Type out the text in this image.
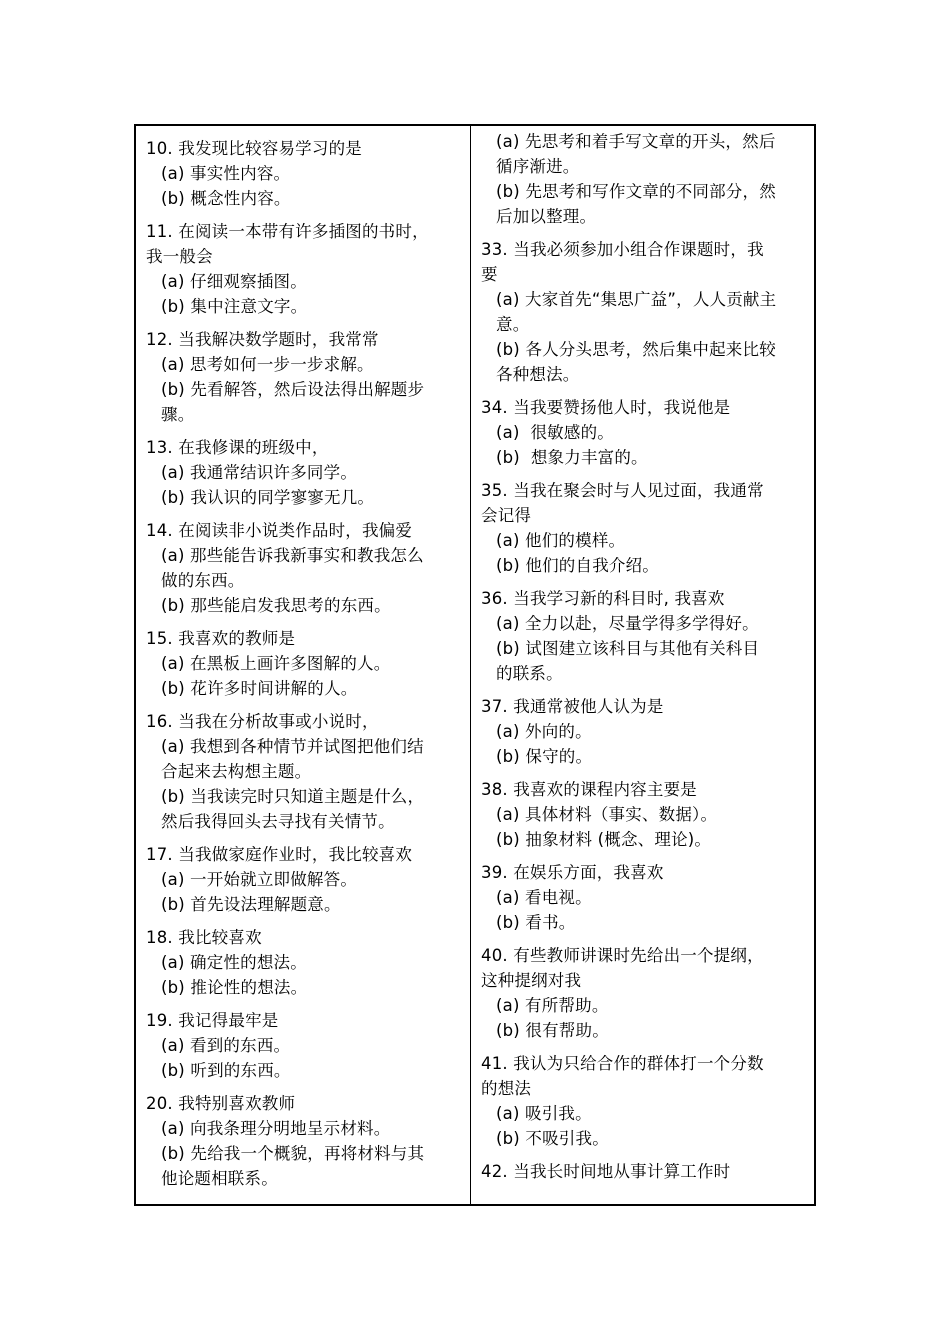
10. 我发现比较容易学习的是
(a) 事实性内容。
(b) 概念性内容。
11. 在阅读一本带有许多插图的书时，
我一般会
(a) 仔细观察插图。
(b) 集中注意文字。
12. 当我解决数学题时，我常常
(a) 思考如何一步一步求解。
(b) 先看解答，然后设法得出解题步
骤。
13. 在我修课的班级中，
(a) 我通常结识许多同学。
(b) 我认识的同学寥寥无几。
14. 在阅读非小说类作品时，我偏爱
(a) 那些能告诉我新事实和教我怎么
做的东西。
(b) 那些能启发我思考的东西。
15. 我喜欢的教师是
(a) 在黑板上画许多图解的人。
(b) 花许多时间讲解的人。
16. 当我在分析故事或小说时，
(a) 我想到各种情节并试图把他们结
合起来去构想主题。
(b) 当我读完时只知道主题是什么，
然后我得回头去寻找有关情节。
17. 当我做家庭作业时，我比较喜欢
(a) 一开始就立即做解答。
(b) 首先设法理解题意。
18. 我比较喜欢
(a) 确定性的想法。
(b) 推论性的想法。
19. 我记得最牢是
(a) 看到的东西。
(b) 听到的东西。
20. 我特别喜欢教师
(a) 向我条理分明地呈示材料。
(b) 先给我一个概貌，再将材料与其
他论题相联系。
(a) 先思考和着手写文章的开头，然后
循序渐进。
(b) 先思考和写作文章的不同部分，然
后加以整理。
33. 当我必须参加小组合作课题时，我
要
(a) 大家首先“集思广益”，人人贡献主
意。
(b) 各人分头思考，然后集中起来比较
各种想法。
34. 当我要赞扬他人时，我说他是
(a)  很敏感的。
(b)  想象力丰富的。
35. 当我在聚会时与人见过面，我通常
会记得
(a) 他们的模样。
(b) 他们的自我介绍。
36. 当我学习新的科目时, 我喜欢
(a) 全力以赴，尽量学得多学得好。
(b) 试图建立该科目与其他有关科目
的联系。
37. 我通常被他人认为是
(a) 外向的。
(b) 保守的。
38. 我喜欢的课程内容主要是
(a) 具体材料（事实、数据）。
(b) 抽象材料 (概念、理论)。
39. 在娱乐方面，我喜欢
(a) 看电视。
(b) 看书。
40. 有些教师讲课时先给出一个提纲，
这种提纲对我
(a) 有所帮助。
(b) 很有帮助。
41. 我认为只给合作的群体打一个分数
的想法
(a) 吸引我。
(b) 不吸引我。
42. 当我长时间地从事计算工作时
